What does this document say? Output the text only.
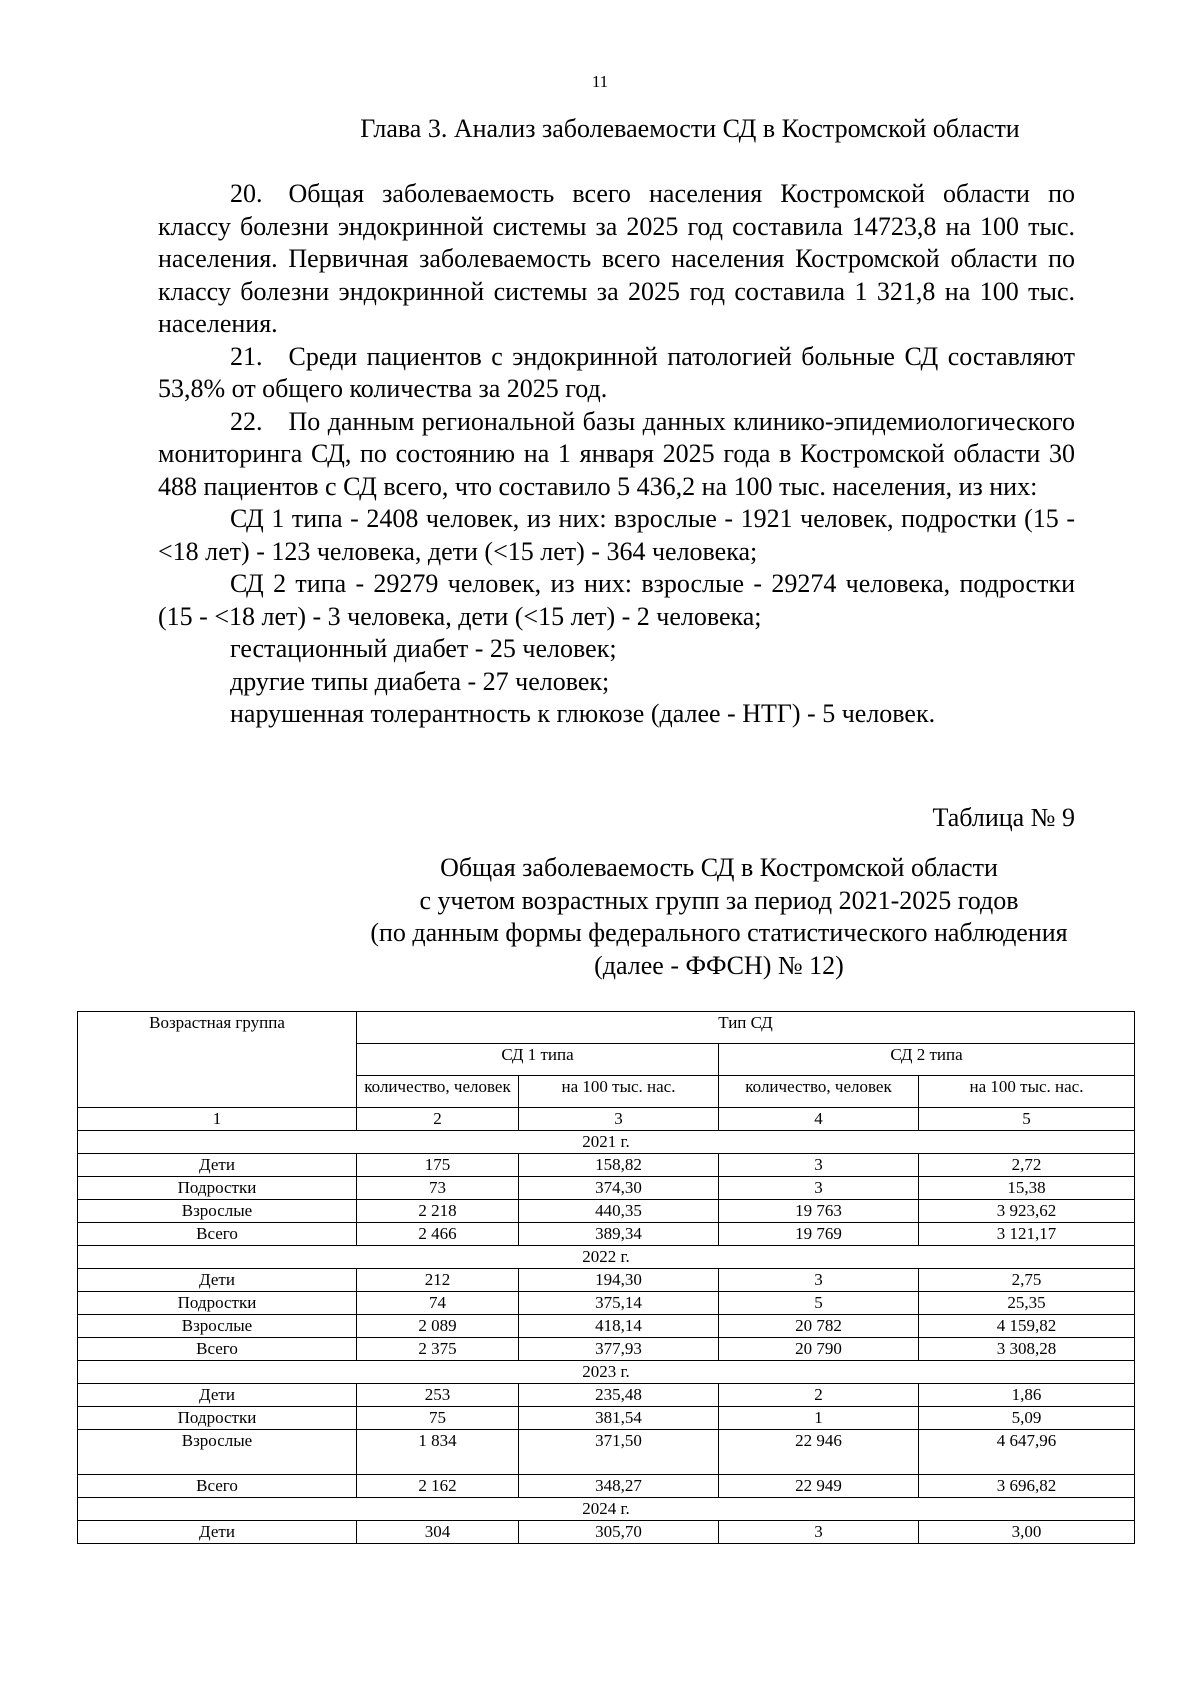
11
Глава 3. Анализ заболеваемости СД в Костромской области

20. Общая заболеваемость всего населения Костромской области по классу болезни эндокринной системы за 2025 год составила 14723,8 на 100 тыс. населения. Первичная заболеваемость всего населения Костромской области по классу болезни эндокринной системы за 2025 год составила 1 321,8 на 100 тыс. населения.

21. Среди пациентов с эндокринной патологией больные СД составляют 53,8% от общего количества за 2025 год.

22. По данным региональной базы данных клинико-эпидемиологического мониторинга СД, по состоянию на 1 января 2025 года в Костромской области 30 488 пациентов с СД всего, что составило 5 436,2 на 100 тыс. населения, из них:

СД 1 типа - 2408 человек, из них: взрослые - 1921 человек, подростки (15 - <18 лет) - 123 человека, дети (<15 лет) - 364 человека;

СД 2 типа - 29279 человек, из них: взрослые - 29274 человека, подростки (15 - <18 лет) - 3 человека, дети (<15 лет) - 2 человека;

гестационный диабет - 25 человек;

другие типы диабета - 27 человек;

нарушенная толерантность к глюкозе (далее - НТГ) - 5 человек.

Таблица № 9
Общая заболеваемость СД в Костромской области
с учетом возрастных групп за период 2021-2025 годов
(по данным формы федерального статистического наблюдения
(далее - ФФСН) № 12)
Возрастная группа	Тип СД			
	СД 1 типа		СД 2 типа	
	количество, человек	на 100 тыс. нас.	количество, человек	на 100 тыс. нас.
1	2	3	4	5
2021 г.				
Дети	175	158,82	3	2,72
Подростки	73	374,30	3	15,38
Взрослые	2 218	440,35	19 763	3 923,62
Всего	2 466	389,34	19 769	3 121,17
2022 г.				
Дети	212	194,30	3	2,75
Подростки	74	375,14	5	25,35
Взрослые	2 089	418,14	20 782	4 159,82
Всего	2 375	377,93	20 790	3 308,28
2023 г.				
Дети	253	235,48	2	1,86
Подростки	75	381,54	1	5,09
Взрослые	1 834	371,50	22 946	4 647,96
Всего	2 162	348,27	22 949	3 696,82
2024 г.				
Дети	304	305,70	3	3,00
